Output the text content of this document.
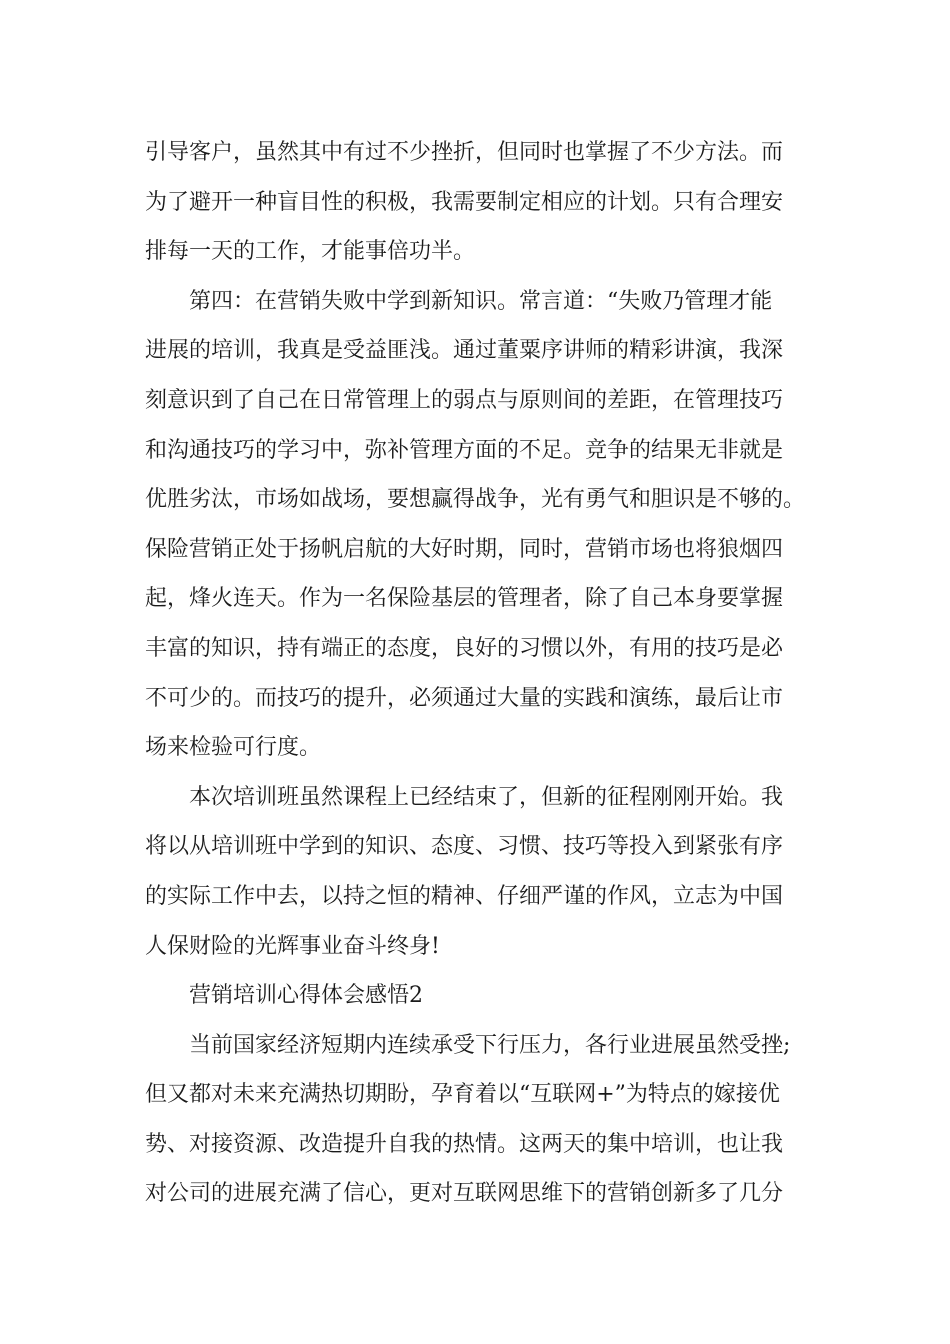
引导客户，虽然其中有过不少挫折，但同时也掌握了不少方法。而
为了避开一种盲目性的积极，我需要制定相应的计划。只有合理安
排每一天的工作，才能事倍功半。
第四：在营销失败中学到新知识。常言道：“失败乃管理才能
进展的培训，我真是受益匪浅。通过董粟序讲师的精彩讲演，我深
刻意识到了自己在日常管理上的弱点与原则间的差距，在管理技巧
和沟通技巧的学习中，弥补管理方面的不足。竞争的结果无非就是
优胜劣汰，市场如战场，要想赢得战争，光有勇气和胆识是不够的。
保险营销正处于扬帆启航的大好时期，同时，营销市场也将狼烟四
起，烽火连天。作为一名保险基层的管理者，除了自己本身要掌握
丰富的知识，持有端正的态度，良好的习惯以外，有用的技巧是必
不可少的。而技巧的提升，必须通过大量的实践和演练，最后让市
场来检验可行度。
本次培训班虽然课程上已经结束了，但新的征程刚刚开始。我
将以从培训班中学到的知识、态度、习惯、技巧等投入到紧张有序
的实际工作中去，以持之恒的精神、仔细严谨的作风，立志为中国
人保财险的光辉事业奋斗终身!
营销培训心得体会感悟2
当前国家经济短期内连续承受下行压力，各行业进展虽然受挫;
但又都对未来充满热切期盼，孕育着以“互联网+”为特点的嫁接优
势、对接资源、改造提升自我的热情。这两天的集中培训，也让我
对公司的进展充满了信心，更对互联网思维下的营销创新多了几分
